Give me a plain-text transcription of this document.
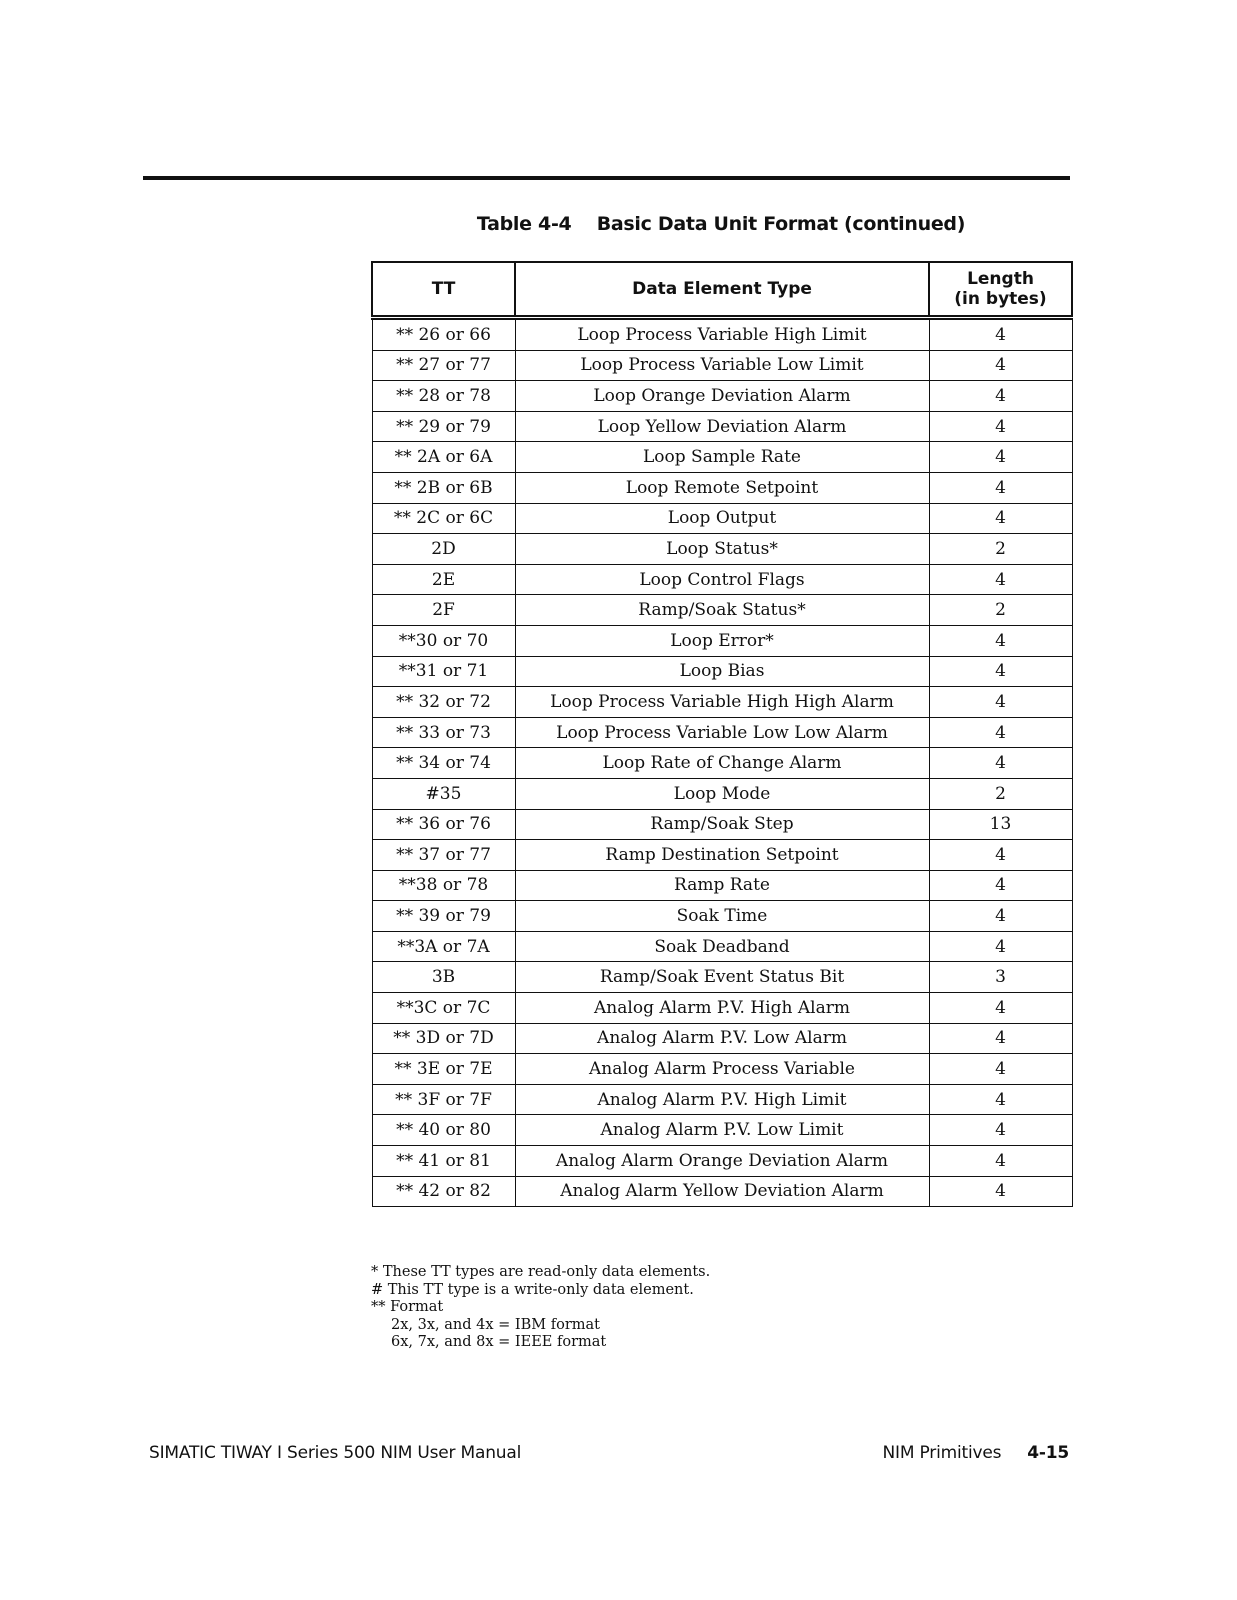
Table 4-4    Basic Data Unit Format (continued)
TT	Data Element Type	Length
(in bytes)
** 26 or 66	Loop Process Variable High Limit	4
** 27 or 77	Loop Process Variable Low Limit	4
** 28 or 78	Loop Orange Deviation Alarm	4
** 29 or 79	Loop Yellow Deviation Alarm	4
** 2A or 6A	Loop Sample Rate	4
** 2B or 6B	Loop Remote Setpoint	4
** 2C or 6C	Loop Output	4
2D	Loop Status*	2
2E	Loop Control Flags	4
2F	Ramp/Soak Status*	2
**30 or 70	Loop Error*	4
**31 or 71	Loop Bias	4
** 32 or 72	Loop Process Variable High High Alarm	4
** 33 or 73	Loop Process Variable Low Low Alarm	4
** 34 or 74	Loop Rate of Change Alarm	4
#35	Loop Mode	2
** 36 or 76	Ramp/Soak Step	13
** 37 or 77	Ramp Destination Setpoint	4
**38 or 78	Ramp Rate	4
** 39 or 79	Soak Time	4
**3A or 7A	Soak Deadband	4
3B	Ramp/Soak Event Status Bit	3
**3C or 7C	Analog Alarm P.V. High Alarm	4
** 3D or 7D	Analog Alarm P.V. Low Alarm	4
** 3E or 7E	Analog Alarm Process Variable	4
** 3F or 7F	Analog Alarm P.V. High Limit	4
** 40 or 80	Analog Alarm P.V. Low Limit	4
** 41 or 81	Analog Alarm Orange Deviation Alarm	4
** 42 or 82	Analog Alarm Yellow Deviation Alarm	4
* These TT types are read-only data elements.
# This TT type is a write-only data element.
** Format
2x, 3x, and 4x = IBM format
6x, 7x, and 8x = IEEE format
SIMATIC TIWAY I Series 500 NIM User Manual	NIM Primitives 4-15
